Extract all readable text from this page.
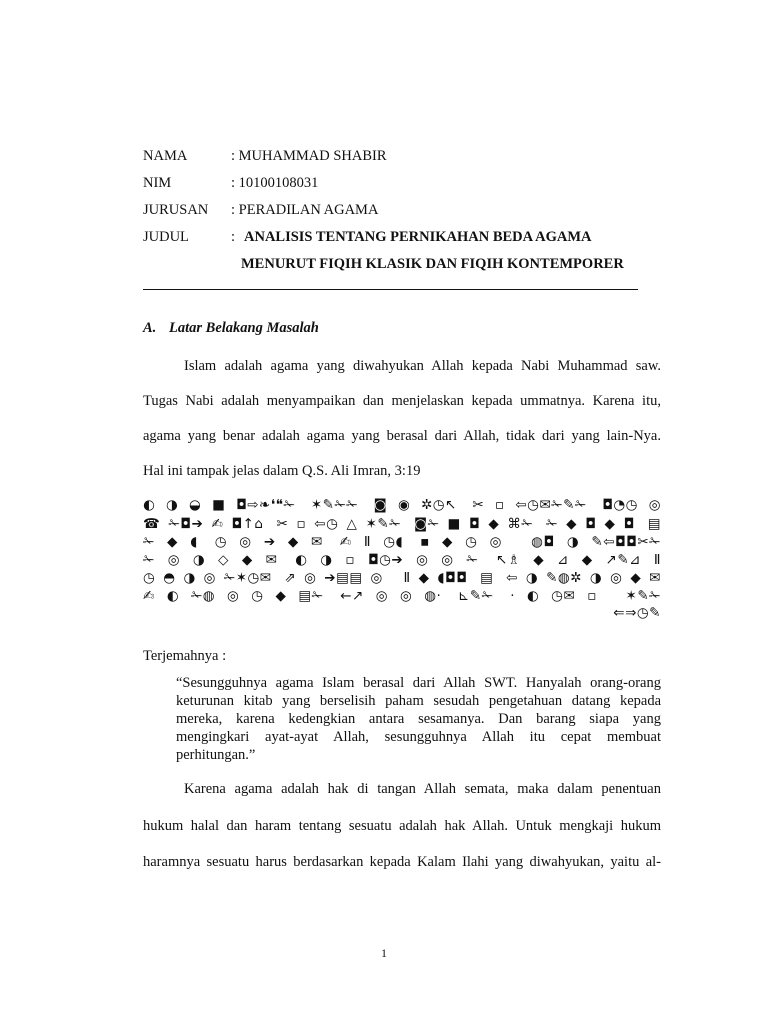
NAMA	: MUHAMMAD SHABIR
NIM	: 10100108031
JURUSAN : PERADILAN AGAMA
JUDUL	: ANALISIS TENTANG PERNIKAHAN BEDA AGAMA
MENURUT FIQIH KLASIK DAN FIQIH KONTEMPORER
A. Latar Belakang Masalah
Islam adalah agama yang diwahyukan Allah kepada Nabi Muhammad saw.
Tugas Nabi adalah menyampaikan dan menjelaskan kepada ummatnya. Karena itu,
agama yang benar adalah agama yang berasal dari Allah, tidak dari yang lain-Nya.
Hal ini tampak jelas dalam Q.S. Ali Imran, 3:19
◐◑◒■◘⇨❧❛❝✁ ✶✎✁✁ ◙◉✲◷↖ ✂▫⇦◷✉✁✎✁ ◘◔◷◎
☎✁◘➔✍◘↑⌂ ✂▫⇦◷△✶✎✁ ◙✁■◘◆⌘✁ ✁◆◘◆◘ ▤
✁◆◖ ◷◎➔◆✉ ✍Ⅱ◷◖ ▪◆◷◎ ◍◘◑✎⇦◘◘✂✁
✁◎◑◇◆✉ ◐◑▫◘◷➔◎◎✁ ↖♗◆⊿◆↗✎⊿Ⅱ
◷◓◑◎✁✶◷✉ ⇗◎➔▤▤◎ Ⅱ◆◖◘◘ ▤ ⇦◑✎◍✲◑◎◆✉
✍◐✁◍◎◷◆▤✁ ←↗◎◎◍· ⊾✎✁ ·◐◷✉▫ ✶✎✁
⇐⇒◷✎
Terjemahnya :
“Sesungguhnya agama Islam berasal dari Allah SWT. Hanyalah orang-orang
keturunan kitab yang berselisih paham sesudah pengetahuan datang kepada
mereka, karena kedengkian antara sesamanya. Dan barang siapa yang
mengingkari ayat-ayat Allah, sesungguhnya Allah itu cepat membuat
perhitungan.”
Karena agama adalah hak di tangan Allah semata, maka dalam penentuan
hukum halal dan haram tentang sesuatu adalah hak Allah. Untuk mengkaji hukum
haramnya sesuatu harus berdasarkan kepada Kalam Ilahi yang diwahyukan, yaitu al-
1
